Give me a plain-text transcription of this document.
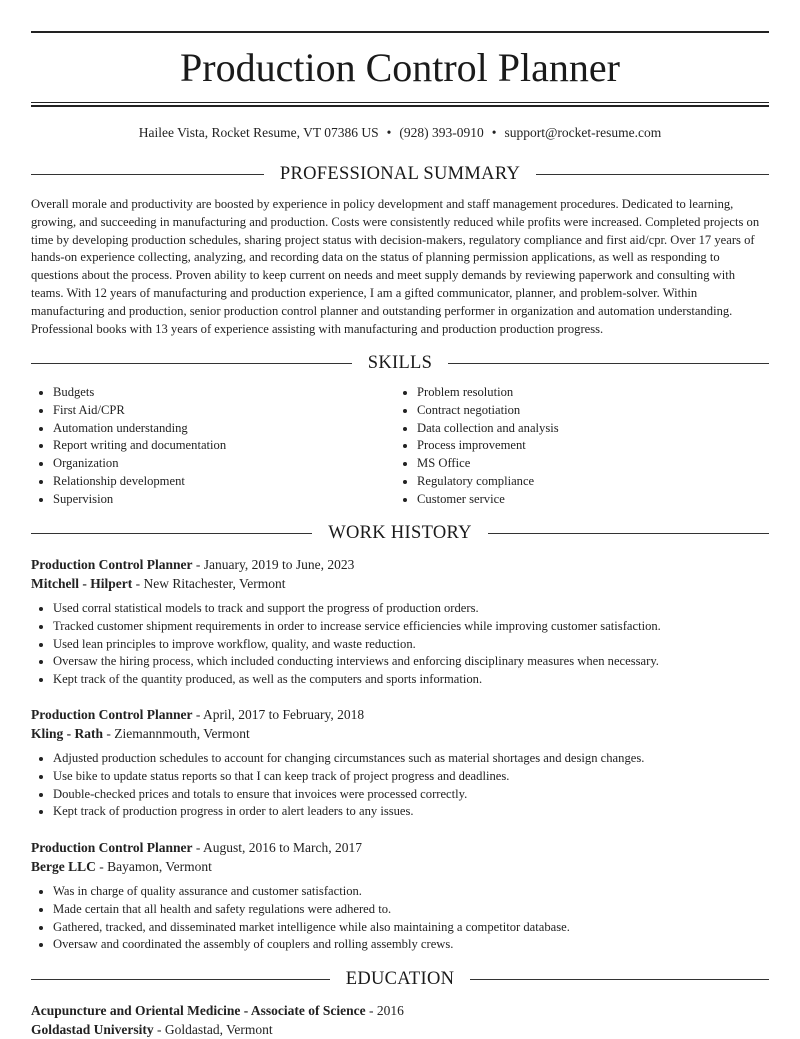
Production Control Planner
Hailee Vista, Rocket Resume, VT 07386 US • (928) 393-0910 • support@rocket-resume.com
PROFESSIONAL SUMMARY

Overall morale and productivity are boosted by experience in policy development and staff management procedures. Dedicated to learning, growing, and succeeding in manufacturing and production. Costs were consistently reduced while profits were increased. Completed projects on time by developing production schedules, sharing project status with decision-makers, regulatory compliance and first aid/cpr. Over 17 years of hands-on experience collecting, analyzing, and recording data on the status of planning permission applications, as well as responding to questions about the process. Proven ability to keep current on needs and meet supply demands by reviewing paperwork and consulting with teams. With 12 years of manufacturing and production experience, I am a gifted communicator, planner, and problem-solver. Within manufacturing and production, senior production control planner and outstanding performer in organization and automation understanding. Professional books with 13 years of experience assisting with manufacturing and production production progress.

SKILLS
Budgets
First Aid/CPR
Automation understanding
Report writing and documentation
Organization
Relationship development
Supervision
Problem resolution
Contract negotiation
Data collection and analysis
Process improvement
MS Office
Regulatory compliance
Customer service
WORK HISTORY
Production Control Planner - January, 2019 to June, 2023
Mitchell - Hilpert - New Ritachester, Vermont
Used corral statistical models to track and support the progress of production orders.
Tracked customer shipment requirements in order to increase service efficiencies while improving customer satisfaction.
Used lean principles to improve workflow, quality, and waste reduction.
Oversaw the hiring process, which included conducting interviews and enforcing disciplinary measures when necessary.
Kept track of the quantity produced, as well as the computers and sports information.
Production Control Planner - April, 2017 to February, 2018
Kling - Rath - Ziemannmouth, Vermont
Adjusted production schedules to account for changing circumstances such as material shortages and design changes.
Use bike to update status reports so that I can keep track of project progress and deadlines.
Double-checked prices and totals to ensure that invoices were processed correctly.
Kept track of production progress in order to alert leaders to any issues.
Production Control Planner - August, 2016 to March, 2017
Berge LLC - Bayamon, Vermont
Was in charge of quality assurance and customer satisfaction.
Made certain that all health and safety regulations were adhered to.
Gathered, tracked, and disseminated market intelligence while also maintaining a competitor database.
Oversaw and coordinated the assembly of couplers and rolling assembly crews.
EDUCATION
Acupuncture and Oriental Medicine - Associate of Science - 2016
Goldastad University - Goldastad, Vermont
